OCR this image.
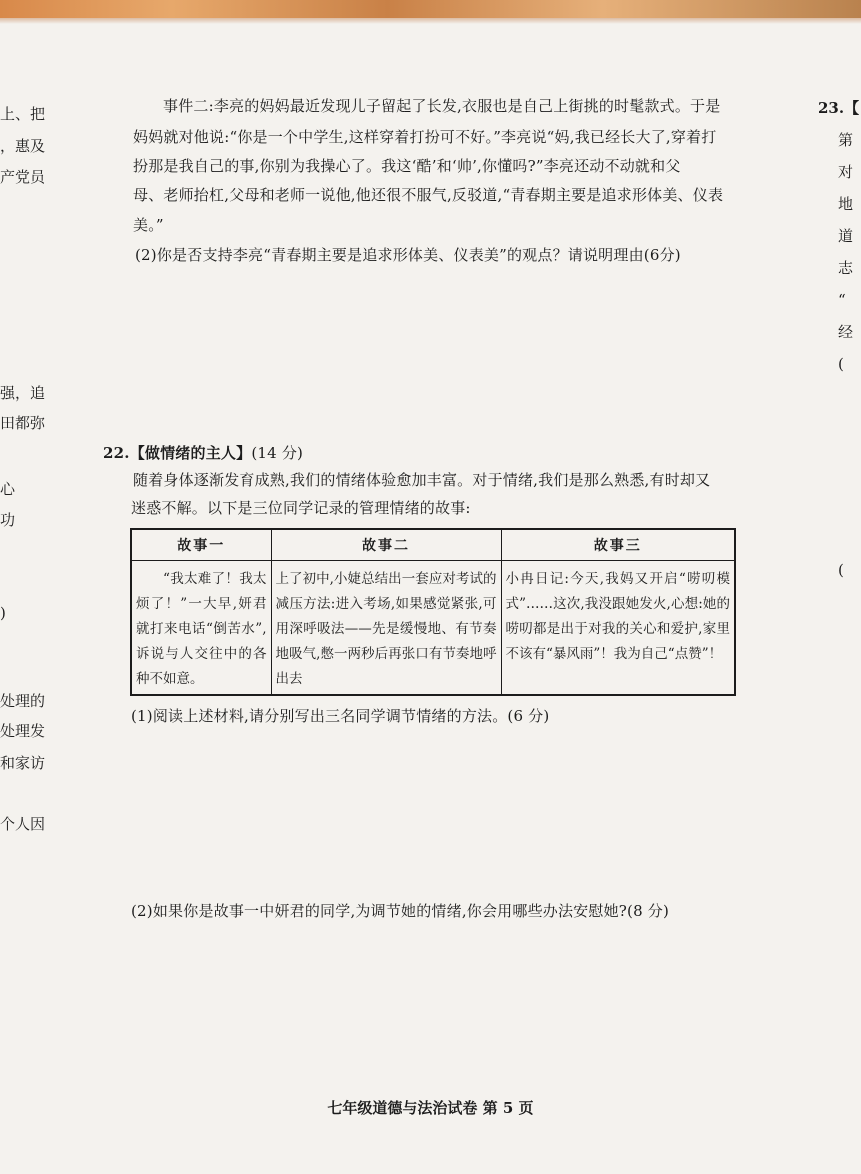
上、把
，惠及
产党员
强，追
田都弥
心
功
)
处理的
处理发
和家访
个人因
23.【
第
对
地
道
志
“
经
(
(
事件二:李亮的妈妈最近发现儿子留起了长发,衣服也是自己上街挑的时髦款式。于是
妈妈就对他说:“你是一个中学生,这样穿着打扮可不好。”李亮说“妈,我已经长大了,穿着打
扮那是我自己的事,你别为我操心了。我这‘酷’和‘帅’,你懂吗?”李亮还动不动就和父
母、老师抬杠,父母和老师一说他,他还很不服气,反驳道,“青春期主要是追求形体美、仪表
美。”
(2)你是否支持李亮“青春期主要是追求形体美、仪表美”的观点？请说明理由(6分)
22.【做情绪的主人】(14 分)
随着身体逐渐发育成熟,我们的情绪体验愈加丰富。对于情绪,我们是那么熟悉,有时却又
迷惑不解。以下是三位同学记录的管理情绪的故事:
故事一	故事二	故事三
“我太难了！我太烦了！”一大早,妍君就打来电话“倒苦水”,诉说与人交往中的各种不如意。	上了初中,小婕总结出一套应对考试的减压方法:进入考场,如果感觉紧张,可用深呼吸法——先是缓慢地、有节奏地吸气,憋一两秒后再张口有节奏地呼出去	小冉日记:今天,我妈又开启“唠叨模式”……这次,我没跟她发火,心想:她的唠叨都是出于对我的关心和爱护,家里不该有“暴风雨”！我为自己“点赞”！
(1)阅读上述材料,请分别写出三名同学调节情绪的方法。(6 分)
(2)如果你是故事一中妍君的同学,为调节她的情绪,你会用哪些办法安慰她?(8 分)
七年级道德与法治试卷 第 5 页
